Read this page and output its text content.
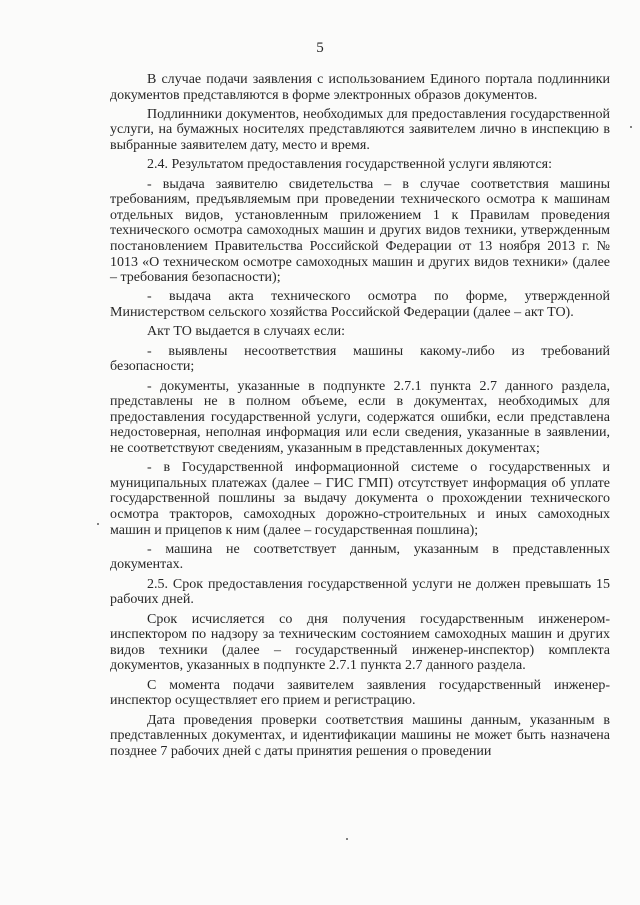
5

В случае подачи заявления с использованием Единого портала подлинники документов представляются в форме электронных образов документов.

Подлинники документов, необходимых для предоставления государственной услуги, на бумажных носителях представляются заявителем лично в инспекцию в выбранные заявителем дату, место и время.

2.4. Результатом предоставления государственной услуги являются:

- выдача заявителю свидетельства – в случае соответствия машины требованиям, предъявляемым при проведении технического осмотра к машинам отдельных видов, установленным приложением 1 к Правилам проведения технического осмотра самоходных машин и других видов техники, утвержденным постановлением Правительства Российской Федерации от 13 ноября 2013 г. № 1013 «О техническом осмотре самоходных машин и других видов техники» (далее – требования безопасности);

- выдача акта технического осмотра по форме, утвержденной Министерством сельского хозяйства Российской Федерации (далее – акт ТО).

Акт ТО выдается в случаях если:

- выявлены несоответствия машины какому-либо из требований безопасности;

- документы, указанные в подпункте 2.7.1 пункта 2.7 данного раздела, представлены не в полном объеме, если в документах, необходимых для предоставления государственной услуги, содержатся ошибки, если представлена недостоверная, неполная информация или если сведения, указанные в заявлении, не соответствуют сведениям, указанным в представленных документах;

- в Государственной информационной системе о государственных и муниципальных платежах (далее – ГИС ГМП) отсутствует информация об уплате государственной пошлины за выдачу документа о прохождении технического осмотра тракторов, самоходных дорожно-строительных и иных самоходных машин и прицепов к ним (далее – государственная пошлина);

- машина не соответствует данным, указанным в представленных документах.

2.5. Срок предоставления государственной услуги не должен превышать 15 рабочих дней.

Срок исчисляется со дня получения государственным инженером-инспектором по надзору за техническим состоянием самоходных машин и других видов техники (далее – государственный инженер-инспектор) комплекта документов, указанных в подпункте 2.7.1 пункта 2.7 данного раздела.

С момента подачи заявителем заявления государственный инженер-инспектор осуществляет его прием и регистрацию.

Дата проведения проверки соответствия машины данным, указанным в представленных документах, и идентификации машины не может быть назначена позднее 7 рабочих дней с даты принятия решения о проведении
